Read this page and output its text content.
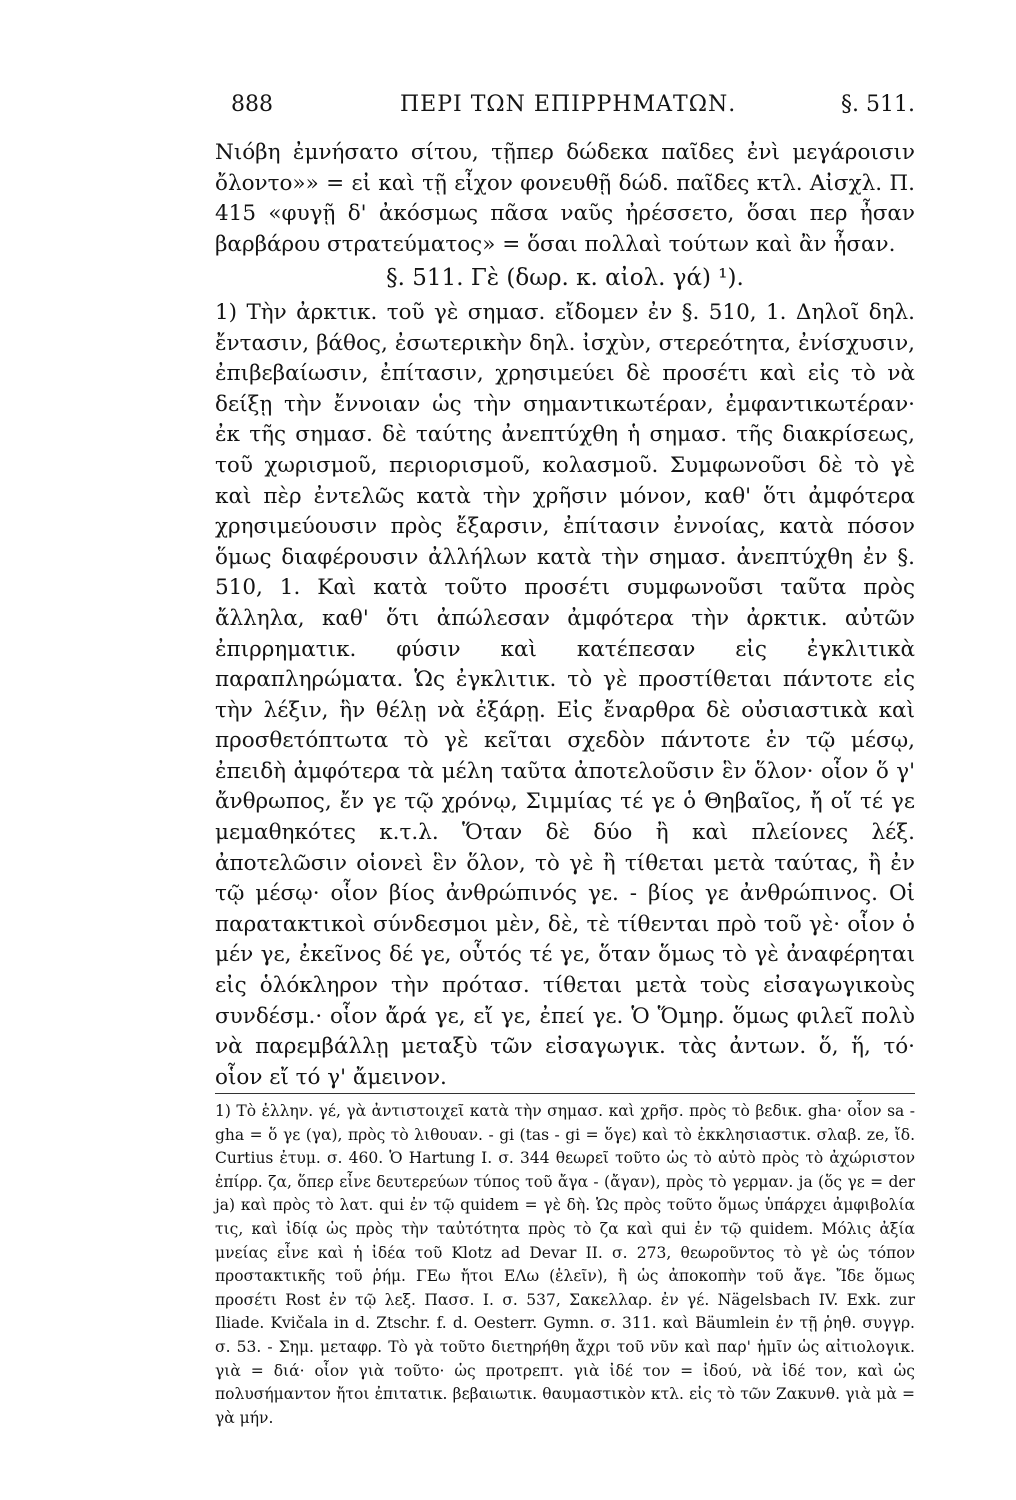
888	ΠΕΡΙ ΤΩΝ ΕΠΙΡΡΗΜΑΤΩΝ.	§. 511.

Νιόβη ἐμνήσατο σίτου, τῇπερ δώδεκα παῖδες ἐνὶ μεγάροισιν ὄλοντο»» = εἰ καὶ τῇ εἶχον φονευθῇ δώδ. παῖδες κτλ. Αἰσχλ. Π. 415 «φυγῇ δ' ἀκόσμως πᾶσα ναῦς ἠρέσσετο, ὅσαι περ ἦσαν βαρβάρου στρατεύματος» = ὅσαι πολλαὶ τούτων καὶ ἂν ἦσαν.

§. 511. Γὲ (δωρ. κ. αἰολ. γά) ¹).

1) Τὴν ἀρκτικ. τοῦ γὲ σημασ. εἴδομεν ἐν §. 510, 1. Δηλοῖ δηλ. ἔντασιν, βάθος, ἐσωτερικὴν δηλ. ἰσχὺν, στερεότητα, ἐνίσχυσιν, ἐπιβεβαίωσιν, ἐπίτασιν, χρησιμεύει δὲ προσέτι καὶ εἰς τὸ νὰ δείξῃ τὴν ἔννοιαν ὡς τὴν σημαντικωτέραν, ἐμφαντικωτέραν· ἐκ τῆς σημασ. δὲ ταύτης ἀνεπτύχθη ἡ σημασ. τῆς διακρίσεως, τοῦ χωρισμοῦ, περιορισμοῦ, κολασμοῦ. Συμφωνοῦσι δὲ τὸ γὲ καὶ πὲρ ἐντελῶς κατὰ τὴν χρῆσιν μόνον, καθ' ὅτι ἀμφότερα χρησιμεύουσιν πρὸς ἔξαρσιν, ἐπίτασιν ἐννοίας, κατὰ πόσον ὅμως διαφέρουσιν ἀλλήλων κατὰ τὴν σημασ. ἀνεπτύχθη ἐν §. 510, 1. Καὶ κατὰ τοῦτο προσέτι συμφωνοῦσι ταῦτα πρὸς ἄλληλα, καθ' ὅτι ἀπώλεσαν ἀμφότερα τὴν ἀρκτικ. αὐτῶν ἐπιρρηματικ. φύσιν καὶ κατέπεσαν εἰς ἐγκλιτικὰ παραπληρώματα. Ὡς ἐγκλιτικ. τὸ γὲ προστίθεται πάντοτε εἰς τὴν λέξιν, ἣν θέλῃ νὰ ἐξάρῃ. Εἰς ἔναρθρα δὲ οὐσιαστικὰ καὶ προσθετόπτωτα τὸ γὲ κεῖται σχεδὸν πάντοτε ἐν τῷ μέσῳ, ἐπειδὴ ἀμφότερα τὰ μέλη ταῦτα ἀποτελοῦσιν ἓν ὅλον· οἷον ὅ γ' ἄνθρωπος, ἔν γε τῷ χρόνῳ, Σιμμίας τέ γε ὁ Θηβαῖος, ἤ οἵ τέ γε μεμαθηκότες κ.τ.λ. Ὅταν δὲ δύο ἢ καὶ πλείονες λέξ. ἀποτελῶσιν οἱονεὶ ἓν ὅλον, τὸ γὲ ἢ τίθεται μετὰ ταύτας, ἢ ἐν τῷ μέσῳ· οἷον βίος ἀνθρώπινός γε. - βίος γε ἀνθρώπινος. Οἱ παρατακτικοὶ σύνδεσμοι μὲν, δὲ, τὲ τίθενται πρὸ τοῦ γὲ· οἷον ὁ μέν γε, ἐκεῖνος δέ γε, οὗτός τέ γε, ὅταν ὅμως τὸ γὲ ἀναφέρηται εἰς ὁλόκληρον τὴν πρότασ. τίθεται μετὰ τοὺς εἰσαγωγικοὺς συνδέσμ.· οἷον ἄρά γε, εἴ γε, ἐπεί γε. Ὁ Ὅμηρ. ὅμως φιλεῖ πολὺ νὰ παρεμβάλλῃ μεταξὺ τῶν εἰσαγωγικ. τὰς ἀντων. ὅ, ἥ, τό· οἷον εἴ τό γ' ἄμεινον.

1) Τὸ ἑλλην. γέ, γὰ ἀντιστοιχεῖ κατὰ τὴν σημασ. καὶ χρῆσ. πρὸς τὸ βεδικ. gha· οἷον sa - gha = ὅ γε (γα), πρὸς τὸ λιθουαν. - gi (tas - gi = ὅγε) καὶ τὸ ἐκκλησιαστικ. σλαβ. ze, ἴδ. Curtius ἐτυμ. σ. 460. Ὁ Hartung I. σ. 344 θεωρεῖ τοῦτο ὡς τὸ αὐτὸ πρὸς τὸ ἀχώριστον ἐπίρρ. ζα, ὅπερ εἶνε δευτερεύων τύπος τοῦ ἄγα - (ἄγαν), πρὸς τὸ γερμαν. ja (ὅς γε = der ja) καὶ πρὸς τὸ λατ. qui ἐν τῷ quidem = γὲ δὴ. Ὡς πρὸς τοῦτο ὅμως ὑπάρχει ἀμφιβολία τις, καὶ ἰδίᾳ ὡς πρὸς τὴν ταὐτότητα πρὸς τὸ ζα καὶ qui ἐν τῷ quidem. Μόλις ἀξία μνείας εἶνε καὶ ἡ ἰδέα τοῦ Klotz ad Devar II. σ. 273, θεωροῦντος τὸ γὲ ὡς τόπον προστακτικῆς τοῦ ῥήμ. ΓΕω ἤτοι ΕΛω (ἑλεῖν), ἢ ὡς ἀποκοπὴν τοῦ ἄγε. Ἴδε ὅμως προσέτι Rost ἐν τῷ λεξ. Πασσ. I. σ. 537, Σακελλαρ. ἐν γέ. Nägelsbach IV. Exk. zur Iliade. Kvičala in d. Ztschr. f. d. Oesterr. Gymn. σ. 311. καὶ Bäumlein ἐν τῇ ῥηθ. συγγρ. σ. 53. - Σημ. μεταφρ. Τὸ γὰ τοῦτο διετηρήθη ἄχρι τοῦ νῦν καὶ παρ' ἡμῖν ὡς αἰτιολογικ. γιὰ = διά· οἷον γιὰ τοῦτο· ὡς προτρεπτ. γιὰ ἰδέ τον = ἰδού, νὰ ἰδέ τον, καὶ ὡς πολυσήμαντον ἤτοι ἐπιτατικ. βεβαιωτικ. θαυμαστικὸν κτλ. εἰς τὸ τῶν Ζακυνθ. γιὰ μὰ = γὰ μήν.
